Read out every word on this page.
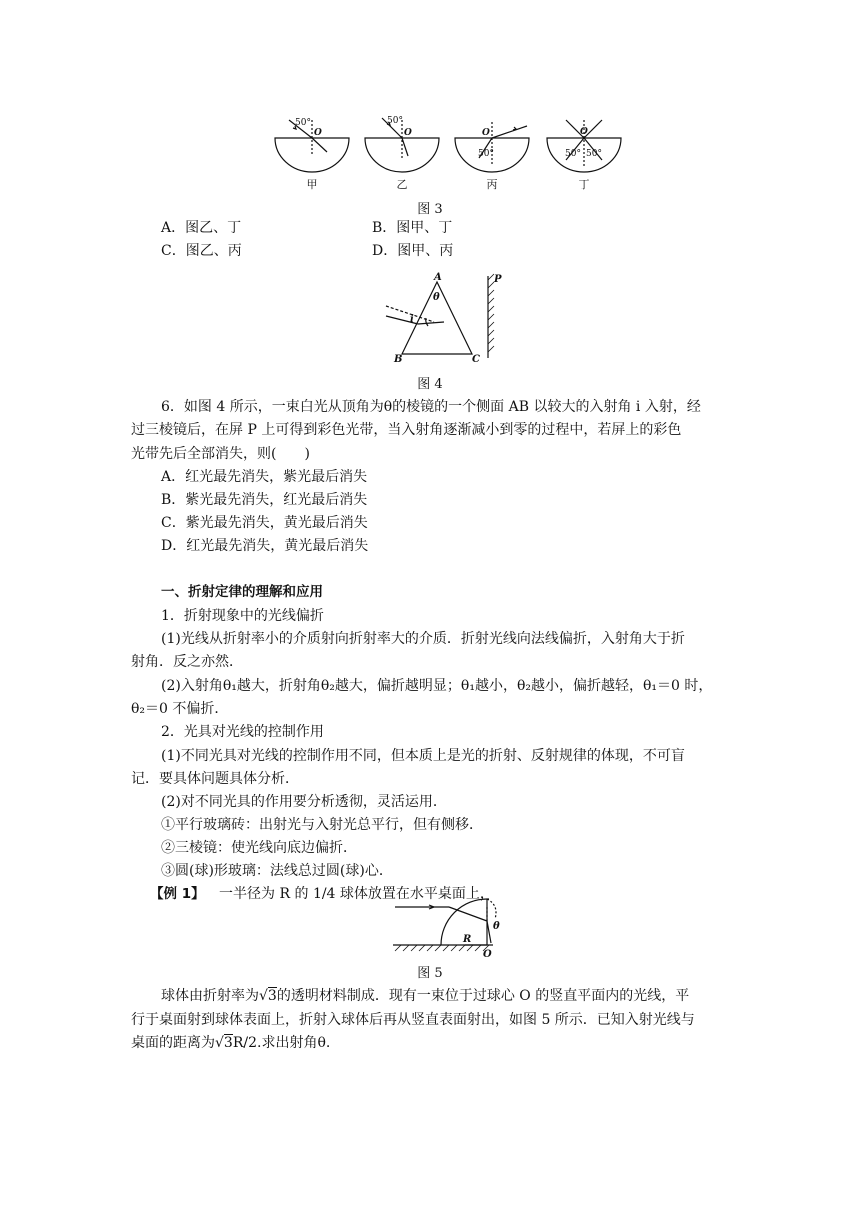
50°
O
50°
O	O
50°
O
50° 50°
甲	乙	丙	丁
图 3
A．图乙、丁	B．图甲、丁
C．图乙、丙	D．图甲、丙
A
B	C
P
θ
i
图 4
6．如图 4 所示，一束白光从顶角为θ的棱镜的一个侧面 AB 以较大的入射角 i 入射，经
过三棱镜后，在屏 P 上可得到彩色光带，当入射角逐渐减小到零的过程中，若屏上的彩色
光带先后全部消失，则(　　)
A．红光最先消失，紫光最后消失
B．紫光最先消失，红光最后消失
C．紫光最先消失，黄光最后消失
D．红光最先消失，黄光最后消失
一、折射定律的理解和应用
1．折射现象中的光线偏折
(1)光线从折射率小的介质射向折射率大的介质．折射光线向法线偏折，入射角大于折
射角．反之亦然．
(2)入射角θ₁越大，折射角θ₂越大，偏折越明显；θ₁越小，θ₂越小，偏折越轻，θ₁＝0 时，
θ₂＝0 不偏折．
2．光具对光线的控制作用
(1)不同光具对光线的控制作用不同，但本质上是光的折射、反射规律的体现，不可盲
记．要具体问题具体分析．
(2)对不同光具的作用要分析透彻，灵活运用．
①平行玻璃砖：出射光与入射光总平行，但有侧移．
②三棱镜：使光线向底边偏折．
③圆(球)形玻璃：法线总过圆(球)心．
【例 1】 一半径为 R 的 1/4 球体放置在水平桌面上，
R
O
θ
图 5
球体由折射率为√3的透明材料制成．现有一束位于过球心 O 的竖直平面内的光线，平
行于桌面射到球体表面上，折射入球体后再从竖直表面射出，如图 5 所示．已知入射光线与
桌面的距离为√3R/2.求出射角θ.
